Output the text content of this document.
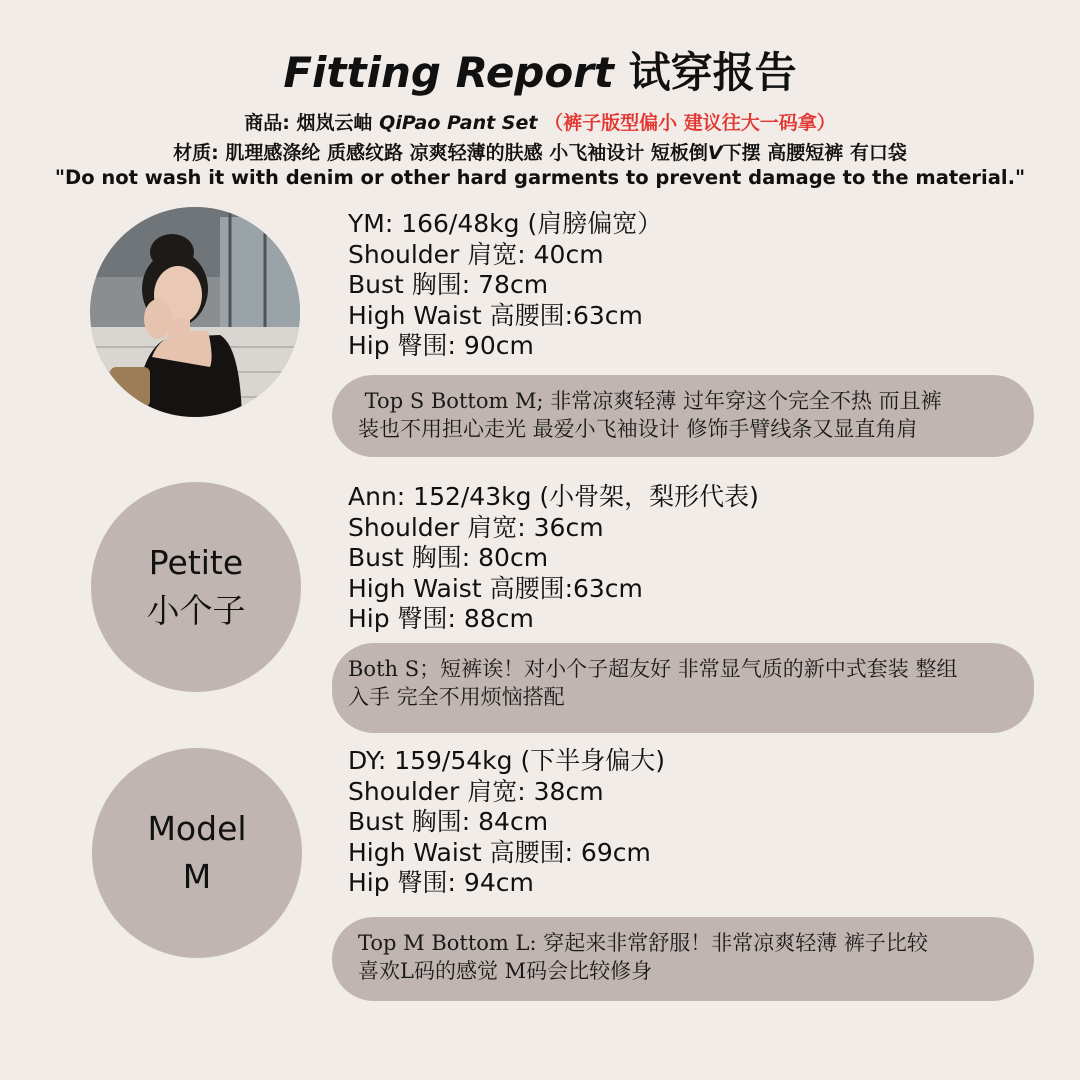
Fitting Report 试穿报告
商品: 烟岚云岫 QiPao Pant Set （裤子版型偏小 建议往大一码拿）
材质: 肌理感涤纶 质感纹路 凉爽轻薄的肤感 小飞袖设计 短板倒V下摆 高腰短裤 有口袋
"Do not wash it with denim or other hard garments to prevent damage to the material."
YM: 166/48kg (肩膀偏宽）
Shoulder 肩宽: 40cm
Bust 胸围: 78cm
High Waist 高腰围:63cm
Hip 臀围: 90cm
Top S Bottom M; 非常凉爽轻薄 过年穿这个完全不热 而且裤
装也不用担心走光 最爱小飞袖设计 修饰手臂线条又显直角肩
Petite
小个子
Ann: 152/43kg (小骨架，梨形代表)
Shoulder 肩宽: 36cm
Bust 胸围: 80cm
High Waist 高腰围:63cm
Hip 臀围: 88cm
Both S；短裤诶！对小个子超友好 非常显气质的新中式套装 整组
入手 完全不用烦恼搭配
Model
M
DY: 159/54kg (下半身偏大)
Shoulder 肩宽: 38cm
Bust 胸围: 84cm
High Waist 高腰围: 69cm
Hip 臀围: 94cm
Top M Bottom L: 穿起来非常舒服！非常凉爽轻薄 裤子比较
喜欢L码的感觉 M码会比较修身
